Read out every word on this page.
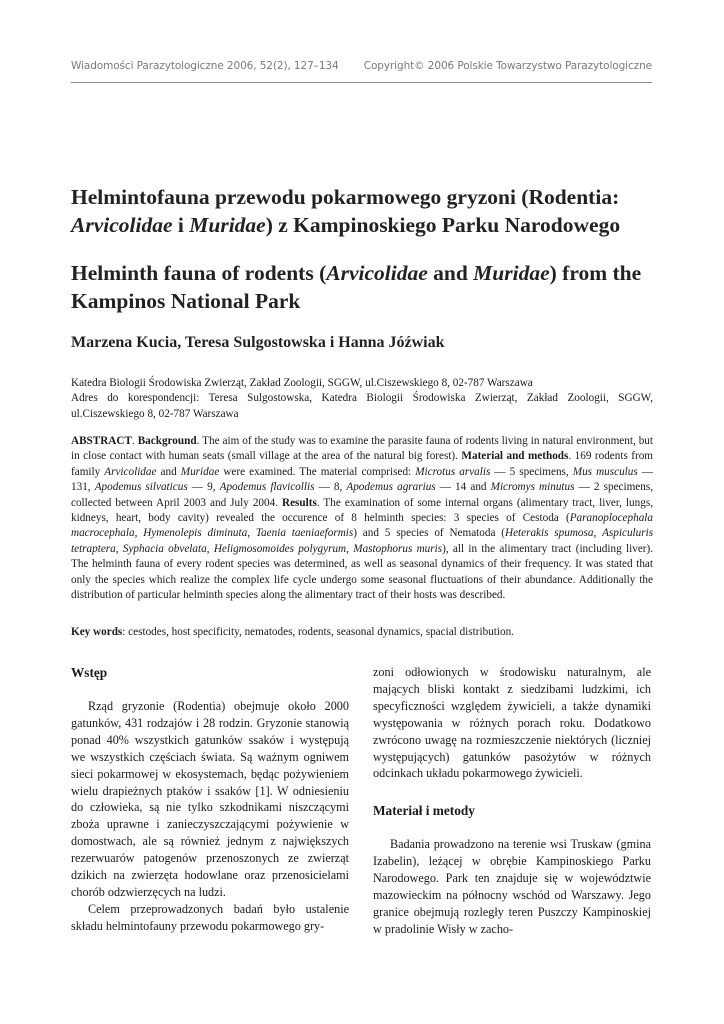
Wiadomości Parazytologiczne 2006, 52(2), 127–134 Copyright© 2006 Polskie Towarzystwo Parazytologiczne
Helmintofauna przewodu pokarmowego gryzoni (Rodentia:
Arvicolidae i Muridae) z Kampinoskiego Parku Narodowego
Helminth fauna of rodents (Arvicolidae and Muridae) from the Kampinos National Park
Marzena Kucia, Teresa Sulgostowska i Hanna Jóźwiak
Katedra Biologii Środowiska Zwierząt, Zakład Zoologii, SGGW, ul.Ciszewskiego 8, 02-787 Warszawa
Adres do korespondencji: Teresa Sulgostowska, Katedra Biologii Środowiska Zwierząt, Zakład Zoologii, SGGW, ul.Ciszewskiego 8, 02-787 Warszawa
ABSTRACT. Background. The aim of the study was to examine the parasite fauna of rodents living in natural environment, but in close contact with human seats (small village at the area of the natural big forest). Material and methods. 169 rodents from family Arvicolidae and Muridae were examined. The material comprised: Microtus arvalis — 5 specimens, Mus musculus — 131, Apodemus silvaticus — 9, Apodemus flavicollis — 8, Apodemus agrarius — 14 and Micromys minutus — 2 specimens, collected between April 2003 and July 2004. Results. The examination of some internal organs (alimentary tract, liver, lungs, kidneys, heart, body cavity) revealed the occurence of 8 helminth species: 3 species of Cestoda (Paranoplocephala macrocephala, Hymenolepis diminuta, Taenia taeniaeformis) and 5 species of Nematoda (Heterakis spumosa, Aspiculuris tetraptera, Syphacia obvelata, Heligmosomoides polygyrum, Mastophorus muris), all in the alimentary tract (including liver). The helminth fauna of every rodent species was determined, as well as seasonal dynamics of their frequency. It was stated that only the species which realize the complex life cycle undergo some seasonal fluctuations of their abundance. Additionally the distribution of particular helminth species along the alimentary tract of their hosts was described.
Key words: cestodes, host specificity, nematodes, rodents, seasonal dynamics, spacial distribution.
Wstęp

Rząd gryzonie (Rodentia) obejmuje około 2000 gatunków, 431 rodzajów i 28 rodzin. Gryzonie stanowią ponad 40% wszystkich gatunków ssaków i występują we wszystkich częściach świata. Są ważnym ogniwem sieci pokarmowej w ekosystemach, będąc pożywieniem wielu drapieżnych ptaków i ssaków [1]. W odniesieniu do człowieka, są nie tylko szkodnikami niszczącymi zboża uprawne i zanieczyszczającymi pożywienie w domostwach, ale są również jednym z największych rezerwuarów patogenów przenoszonych ze zwierząt dzikich na zwierzęta hodowlane oraz przenosicielami chorób odzwierzęcych na ludzi.

Celem przeprowadzonych badań było ustalenie składu helmintofauny przewodu pokarmowego gry-

zoni odłowionych w środowisku naturalnym, ale mających bliski kontakt z siedzibami ludzkimi, ich specyficzności względem żywicieli, a także dynamiki występowania w różnych porach roku. Dodatkowo zwrócono uwagę na rozmieszczenie niektórych (liczniej występujących) gatunków pasożytów w różnych odcinkach układu pokarmowego żywicieli.

Materiał i metody

Badania prowadzono na terenie wsi Truskaw (gmina Izabelin), leżącej w obrębie Kampinoskiego Parku Narodowego. Park ten znajduje się w województwie mazowieckim na północny wschód od Warszawy. Jego granice obejmują rozległy teren Puszczy Kampinoskiej w pradolinie Wisły w zacho-
